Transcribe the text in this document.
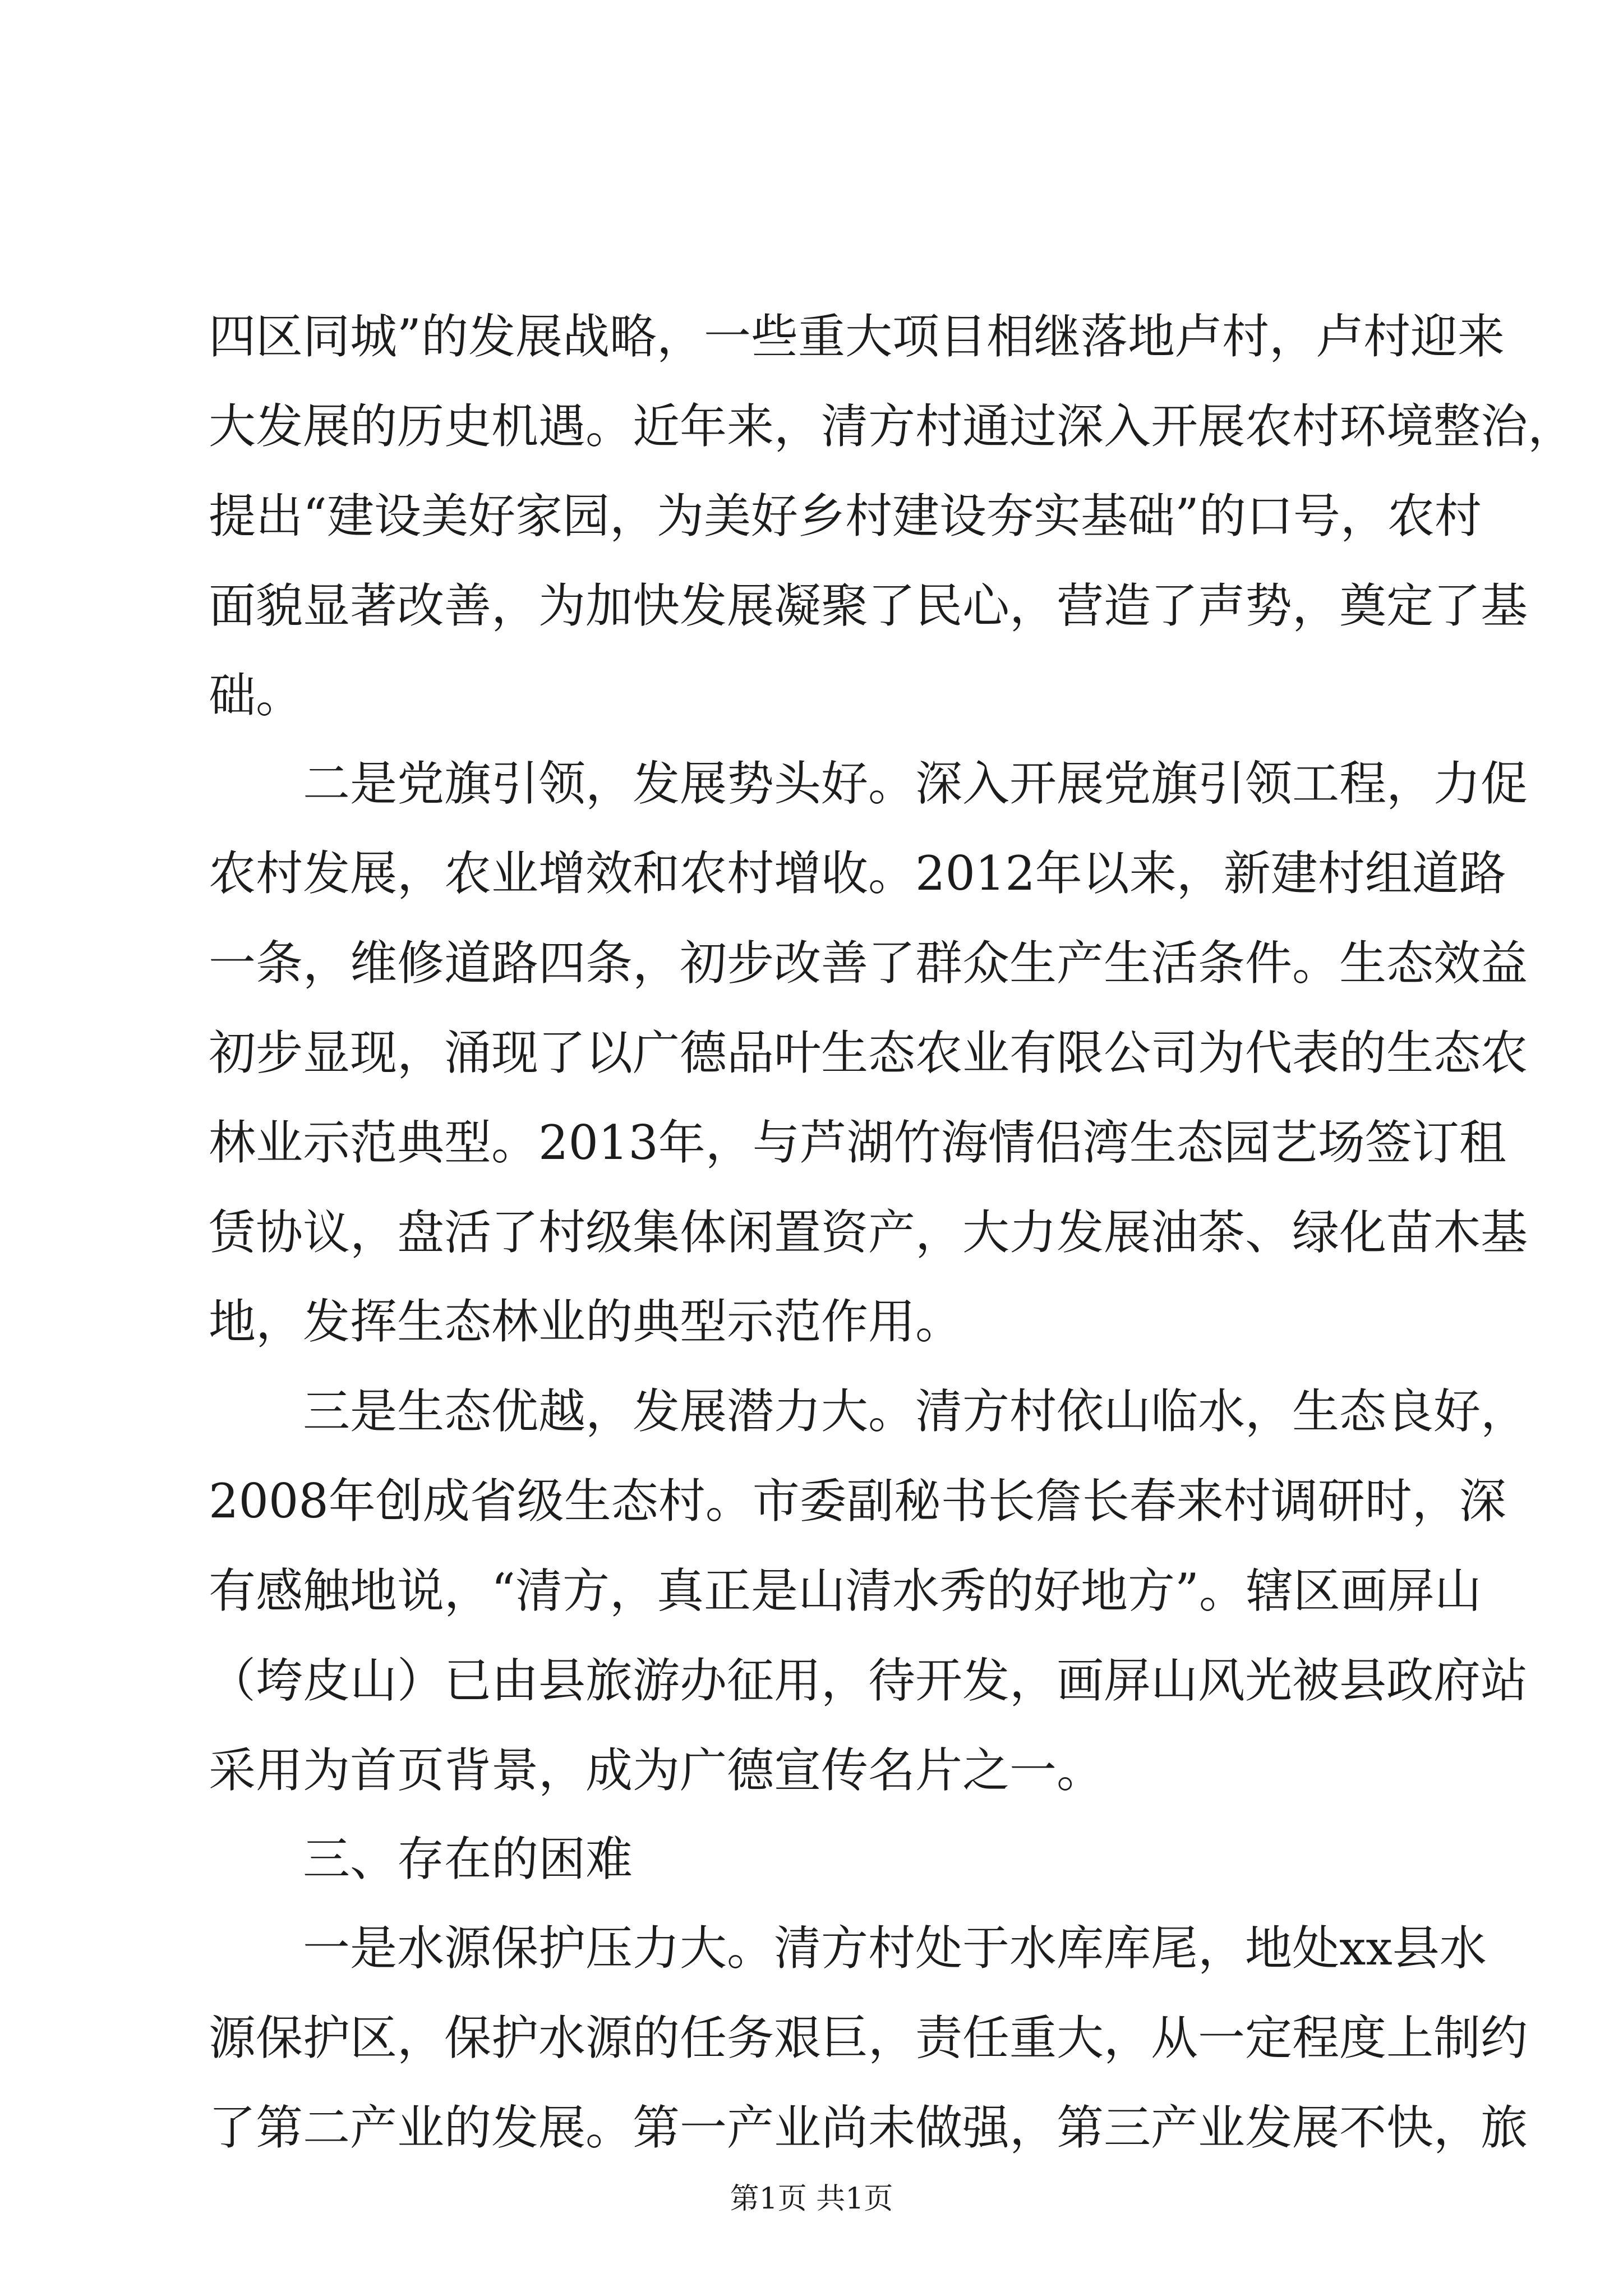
四区同城”的发展战略，一些重大项目相继落地卢村，卢村迎来
大发展的历史机遇。近年来，清方村通过深入开展农村环境整治，
提出“建设美好家园，为美好乡村建设夯实基础”的口号，农村
面貌显著改善，为加快发展凝聚了民心，营造了声势，奠定了基
础。
二是党旗引领，发展势头好。深入开展党旗引领工程，力促
农村发展，农业增效和农村增收。2012年以来，新建村组道路
一条，维修道路四条，初步改善了群众生产生活条件。生态效益
初步显现，涌现了以广德品叶生态农业有限公司为代表的生态农
林业示范典型。2013年，与芦湖竹海情侣湾生态园艺场签订租
赁协议，盘活了村级集体闲置资产，大力发展油茶、绿化苗木基
地，发挥生态林业的典型示范作用。
三是生态优越，发展潜力大。清方村依山临水，生态良好，
2008年创成省级生态村。市委副秘书长詹长春来村调研时，深
有感触地说，“清方，真正是山清水秀的好地方”。辖区画屏山
（垮皮山）已由县旅游办征用，待开发，画屏山风光被县政府站
采用为首页背景，成为广德宣传名片之一。
三、存在的困难
一是水源保护压力大。清方村处于水库库尾，地处xx县水
源保护区，保护水源的任务艰巨，责任重大，从一定程度上制约
了第二产业的发展。第一产业尚未做强，第三产业发展不快，旅
第1页 共1页
